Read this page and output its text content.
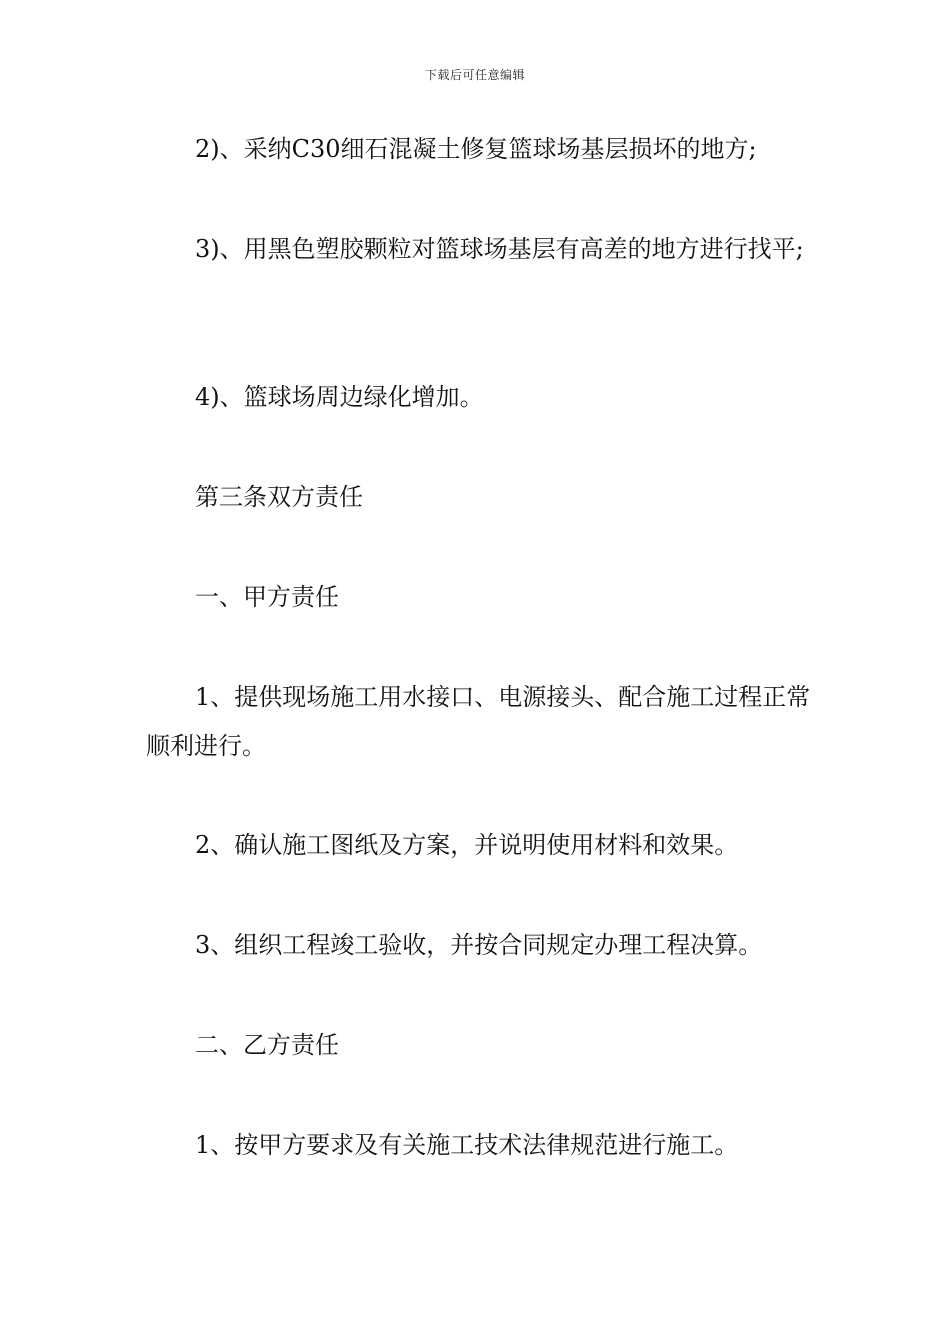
下载后可任意编辑

2)、采纳C30细石混凝土修复篮球场基层损坏的地方;

3)、用黑色塑胶颗粒对篮球场基层有高差的地方进行找平;

4)、篮球场周边绿化增加。

第三条双方责任

一、甲方责任

1、提供现场施工用水接口、电源接头、配合施工过程正常顺利进行。

2、确认施工图纸及方案，并说明使用材料和效果。

3、组织工程竣工验收，并按合同规定办理工程决算。

二、乙方责任

1、按甲方要求及有关施工技术法律规范进行施工。
